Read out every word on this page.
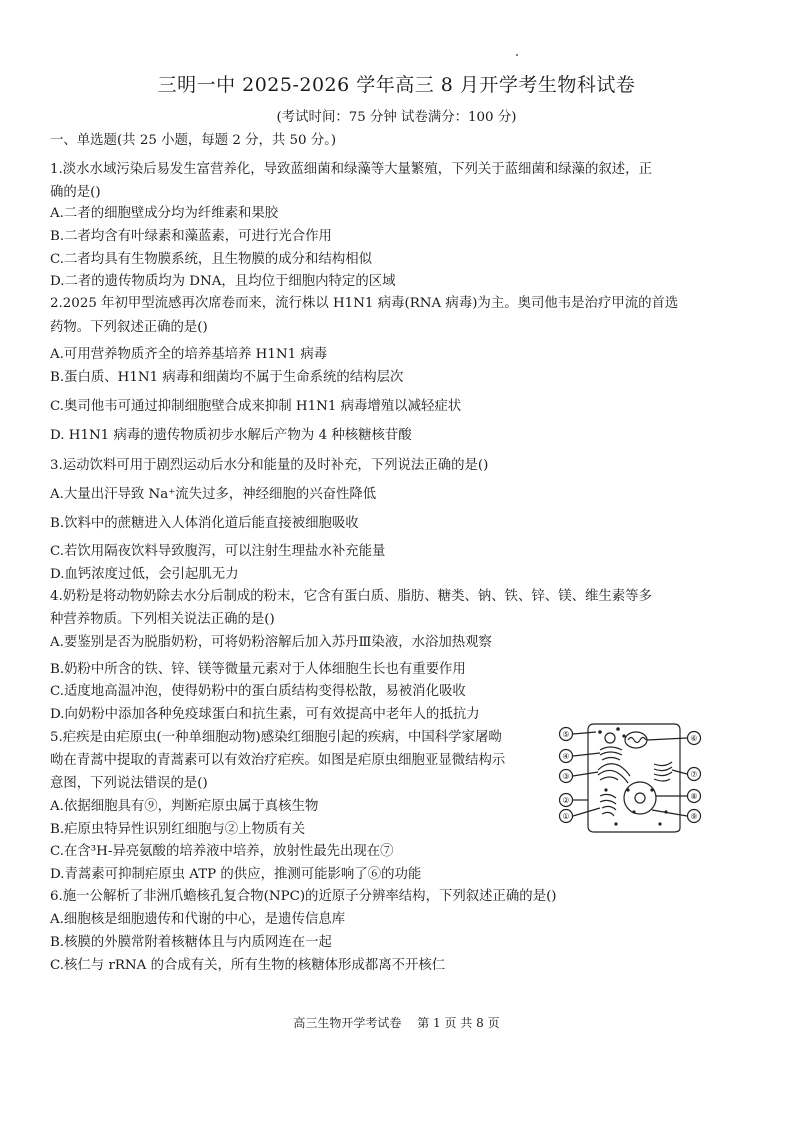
三明一中 2025-2026 学年高三 8 月开学考生物科试卷
(考试时间：75 分钟 试卷满分：100 分)
一、单选题(共 25 小题，每题 2 分，共 50 分。)
1.淡水水域污染后易发生富营养化，导致蓝细菌和绿藻等大量繁殖，下列关于蓝细菌和绿藻的叙述，正
确的是()
A.二者的细胞壁成分均为纤维素和果胶
B.二者均含有叶绿素和藻蓝素，可进行光合作用
C.二者均具有生物膜系统，且生物膜的成分和结构相似
D.二者的遗传物质均为 DNA，且均位于细胞内特定的区域
2.2025 年初甲型流感再次席卷而来，流行株以 H1N1 病毒(RNA 病毒)为主。奥司他韦是治疗甲流的首选
药物。下列叙述正确的是()
A.可用营养物质齐全的培养基培养 H1N1 病毒
B.蛋白质、H1N1 病毒和细菌均不属于生命系统的结构层次
C.奥司他韦可通过抑制细胞壁合成来抑制 H1N1 病毒增殖以减轻症状
D. H1N1 病毒的遗传物质初步水解后产物为 4 种核糖核苷酸
3.运动饮料可用于剧烈运动后水分和能量的及时补充，下列说法正确的是()
A.大量出汗导致 Na⁺流失过多，神经细胞的兴奋性降低
B.饮料中的蔗糖进入人体消化道后能直接被细胞吸收
C.若饮用隔夜饮料导致腹泻，可以注射生理盐水补充能量
D.血钙浓度过低，会引起肌无力
4.奶粉是将动物奶除去水分后制成的粉末，它含有蛋白质、脂肪、糖类、钠、铁、锌、镁、维生素等多
种营养物质。下列相关说法正确的是()
A.要鉴别是否为脱脂奶粉，可将奶粉溶解后加入苏丹Ⅲ染液，水浴加热观察
B.奶粉中所含的铁、锌、镁等微量元素对于人体细胞生长也有重要作用
C.适度地高温冲泡，使得奶粉中的蛋白质结构变得松散，易被消化吸收
D.向奶粉中添加各种免疫球蛋白和抗生素，可有效提高中老年人的抵抗力
5.疟疾是由疟原虫(一种单细胞动物)感染红细胞引起的疾病，中国科学家屠呦
呦在青蒿中提取的青蒿素可以有效治疗疟疾。如图是疟原虫细胞亚显微结构示
意图，下列说法错误的是()
A.依据细胞具有⑨，判断疟原虫属于真核生物
B.疟原虫特异性识别红细胞与②上物质有关
C.在含³H-异亮氨酸的培养液中培养，放射性最先出现在⑦
D.青蒿素可抑制疟原虫 ATP 的供应，推测可能影响了⑥的功能
6.施一公解析了非洲爪蟾核孔复合物(NPC)的近原子分辨率结构，下列叙述正确的是()
A.细胞核是细胞遗传和代谢的中心，是遗传信息库
B.核膜的外膜常附着核糖体且与内质网连在一起
C.核仁与 rRNA 的合成有关，所有生物的核糖体形成都离不开核仁
⑤
④
③
②
①
⑥
⑦
⑧
⑨
高三生物开学考试卷　 第 1 页 共 8 页
